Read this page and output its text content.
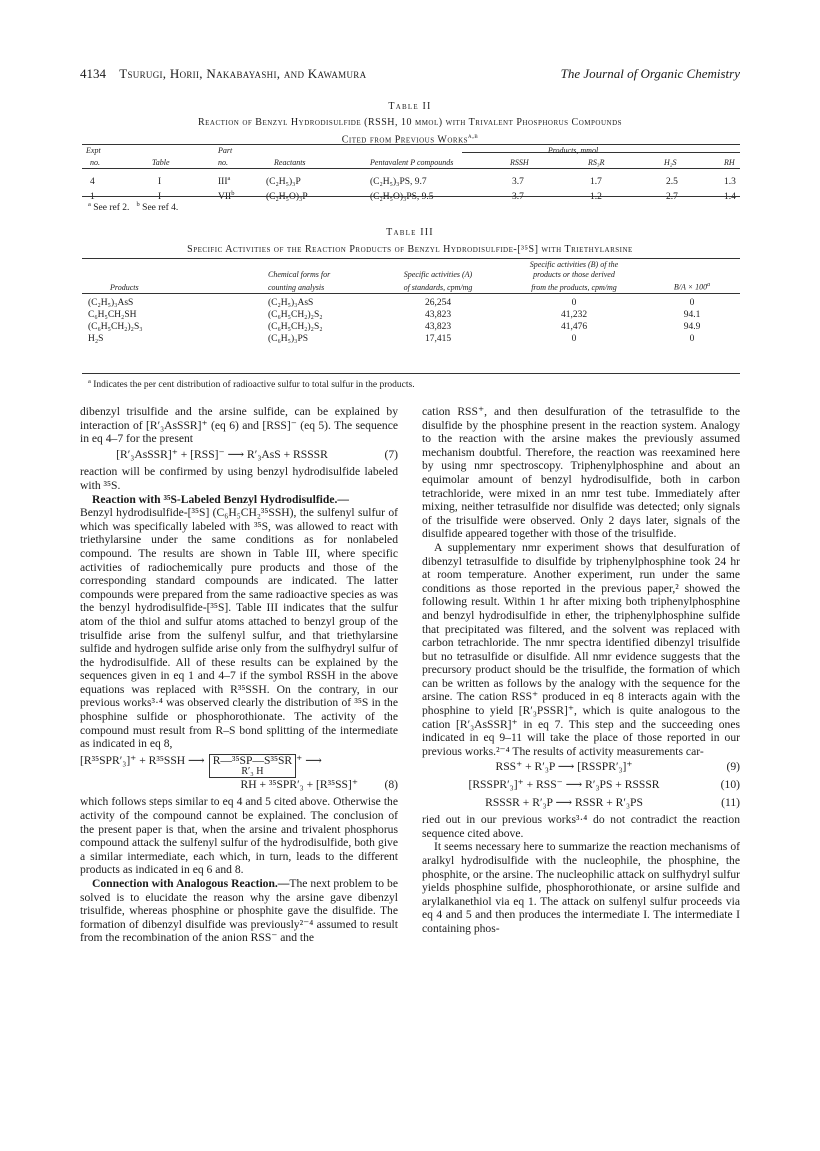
4134 Tsurugi, Horii, Nakabayashi, and Kawamura	The Journal of Organic Chemistry
Table II
Reaction of Benzyl Hydrodisulfide (RSSH, 10 mmol) with Trivalent Phosphorus Compounds
Cited from Previous Works$^{a,b}$
Expt		Part		Products, mmol				
no.	Table	no.	Reactants	Pentavalent P compounds	RSSH	RS₃R	H₂S	RH

4	I	III$^a$	(C₂H₅)₃P	(C₂H₅)₃PS, 9.7	3.7	1.7	2.5	1.3
1	I	VII$^b$	(C₂H₅O)₃P	(C₂H₅O)₃PS, 9.5	3.7	1.2	2.7	1.4
$^a$ See ref 2. $^b$ See ref 4.
Table III
Specific Activities of the Reaction Products of Benzyl Hydrodisulfide-[³⁵S] with Triethylarsine
			Specific activities (B) of the	
	Chemical forms for	Specific activities (A)	products or those derived	
Products	counting analysis	of standards, cpm/mg	from the products, cpm/mg	$B/A \times 100^a$

(C₂H₅)₃AsS	(C₂H₅)₃AsS	26,254	0	0
C₆H₅CH₂SH	(C₆H₅CH₂)₂S₂	43,823	41,232	94.1
(C₆H₅CH₂)₂S₃	(C₆H₅CH₂)₂S₂	43,823	41,476	94.9
H₂S	(C₆H₅)₃PS	17,415	0	0
$^a$ Indicates the per cent distribution of radioactive sulfur to total sulfur in the products.

dibenzyl trisulfide and the arsine sulfide, can be explained by interaction of [R′₃AsSSR]⁺ (eq 6) and [RSS]⁻ (eq 5). The sequence in eq 4–7 for the present

[R′₃AsSSR]⁺ + [RSS]⁻ ⟶ R′₃AsS + RSSSR	(7)

reaction will be confirmed by using benzyl hydrodisulfide labeled with ³⁵S.

Reaction with ³⁵S-Labeled Benzyl Hydrodisulfide.—

Benzyl hydrodisulfide-[³⁵S] (C₆H₅CH₂³⁵SSH), the sulfenyl sulfur of which was specifically labeled with ³⁵S, was allowed to react with triethylarsine under the same conditions as for nonlabeled compound. The results are shown in Table III, where specific activities of radiochemically pure products and those of the corresponding standard compounds are indicated. The latter compounds were prepared from the same radioactive species as was the benzyl hydrodisulfide-[³⁵S]. Table III indicates that the sulfur atom of the thiol and sulfur atoms attached to benzyl group of the trisulfide arise from the sulfenyl sulfur, and that triethylarsine sulfide and hydrogen sulfide arise only from the sulfhydryl sulfur of the hydrodisulfide. All of these results can be explained by the sequences given in eq 1 and 4–7 if the symbol RSSH in the above equations was replaced with R³⁵SSH. On the contrary, in our previous works³·⁴ was observed clearly the distribution of ³⁵S in the phosphine sulfide or phosphorothionate. The activity of the compound must result from R–S bond splitting of the intermediate as indicated in eq 8,

[R³⁵SPR′₃]⁺ + R³⁵SSH ⟶ R—³⁵SP—S³⁵SR
R′₃ H
⁺ ⟶
RH + ³⁵SPR′₃ + [R³⁵SS]⁺	(8)

which follows steps similar to eq 4 and 5 cited above. Otherwise the activity of the compound cannot be explained. The conclusion of the present paper is that, when the arsine and trivalent phosphorus compound attack the sulfenyl sulfur of the hydrodisulfide, both give a similar intermediate, each which, in turn, leads to the different products as indicated in eq 6 and 8.

Connection with Analogous Reaction.—The next problem to be solved is to elucidate the reason why the arsine gave dibenzyl trisulfide, whereas phosphine or phosphite gave the disulfide. The formation of dibenzyl disulfide was previously²⁻⁴ assumed to result from the recombination of the anion RSS⁻ and the

cation RSS⁺, and then desulfuration of the tetrasulfide to the disulfide by the phosphine present in the reaction system. Analogy to the reaction with the arsine makes the previously assumed mechanism doubtful. Therefore, the reaction was reexamined here by using nmr spectroscopy. Triphenylphosphine and about an equimolar amount of benzyl hydrodisulfide, both in carbon tetrachloride, were mixed in an nmr test tube. Immediately after mixing, neither tetrasulfide nor disulfide was detected; only signals of the trisulfide were observed. Only 2 days later, signals of the disulfide appeared together with those of the trisulfide.

A supplementary nmr experiment shows that desulfuration of dibenzyl tetrasulfide to disulfide by triphenylphosphine took 24 hr at room temperature. Another experiment, run under the same conditions as those reported in the previous paper,² showed the following result. Within 1 hr after mixing both triphenylphosphine and benzyl hydrodisulfide in ether, the triphenylphosphine sulfide that precipitated was filtered, and the solvent was replaced with carbon tetrachloride. The nmr spectra identified dibenzyl trisulfide but no tetrasulfide or disulfide. All nmr evidence suggests that the precursory product should be the trisulfide, the formation of which can be written as follows by the analogy with the sequence for the arsine. The cation RSS⁺ produced in eq 8 interacts again with the phosphine to yield [R′₃PSSR]⁺, which is quite analogous to the cation [R′₃AsSSR]⁺ in eq 7. This step and the succeeding ones indicated in eq 9–11 will take the place of those reported in our previous works.²⁻⁴ The results of activity measurements car-

RSS⁺ + R′₃P ⟶ [RSSPR′₃]⁺	(9)
[RSSPR′₃]⁺ + RSS⁻ ⟶ R′₃PS + RSSSR	(10)
RSSSR + R′₃P ⟶ RSSR + R′₃PS	(11)

ried out in our previous works³·⁴ do not contradict the reaction sequence cited above.

It seems necessary here to summarize the reaction mechanisms of aralkyl hydrodisulfide with the nucleophile, the phosphine, the phosphite, or the arsine. The nucleophilic attack on sulfhydryl sulfur yields phosphine sulfide, phosphorothionate, or arsine sulfide and arylalkanethiol via eq 1. The attack on sulfenyl sulfur proceeds via eq 4 and 5 and then produces the intermediate I. The intermediate I containing phos-
